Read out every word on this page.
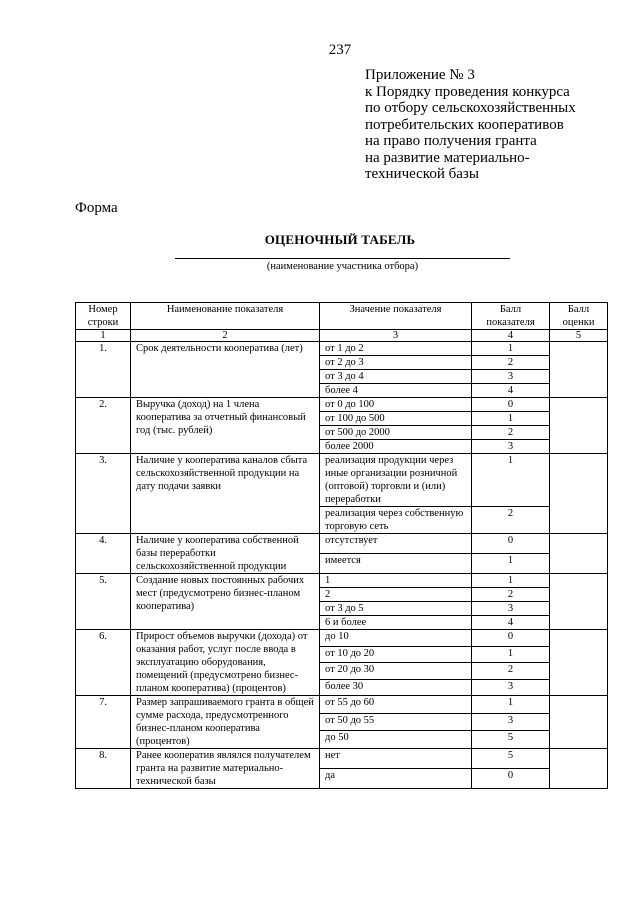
237
Приложение № 3
к Порядку проведения конкурса
по отбору сельскохозяйственных
потребительских кооперативов
на право получения гранта
на развитие материально-
технической базы
Форма
ОЦЕНОЧНЫЙ ТАБЕЛЬ
(наименование участника отбора)
Номер строки	Наименование показателя	Значение показателя	Балл показателя	Балл оценки
1	2	3	4	5
1.	Срок деятельности кооператива (лет)	от 1 до 2	1	
		от 2 до 3	2	
		от 3 до 4	3	
		более 4	4	
2.	Выручка (доход) на 1 члена кооператива за отчетный финансовый год (тыс. рублей)	от 0 до 100	0	
		от 100 до 500	1	
		от 500 до 2000	2	
		более 2000	3	
3.	Наличие у кооператива каналов сбыта сельскохозяйственной продукции на дату подачи заявки	реализация продукции через иные организации розничной (оптовой) торговли и (или) переработки	1	
		реализация через собственную торговую сеть	2	
4.	Наличие у кооператива собственной базы переработки сельскохозяйственной продукции	отсутствует	0	
		имеется	1	
5.	Создание новых постоянных рабочих мест (предусмотрено бизнес-планом кооператива)	1	1	
		2	2	
		от 3 до 5	3	
		6 и более	4	
6.	Прирост объемов выручки (дохода) от оказания работ, услуг после ввода в эксплуатацию оборудования, помещений (предусмотрено бизнес-планом кооператива) (процентов)	до 10	0	
		от 10 до 20	1	
		от 20 до 30	2	
		более 30	3	
7.	Размер запрашиваемого гранта в общей сумме расхода, предусмотренного бизнес-планом кооператива (процентов)	от 55 до 60	1	
		от 50 до 55	3	
		до 50	5	
8.	Ранее кооператив являлся получателем гранта на развитие материально-технической базы	нет	5	
		да	0	
